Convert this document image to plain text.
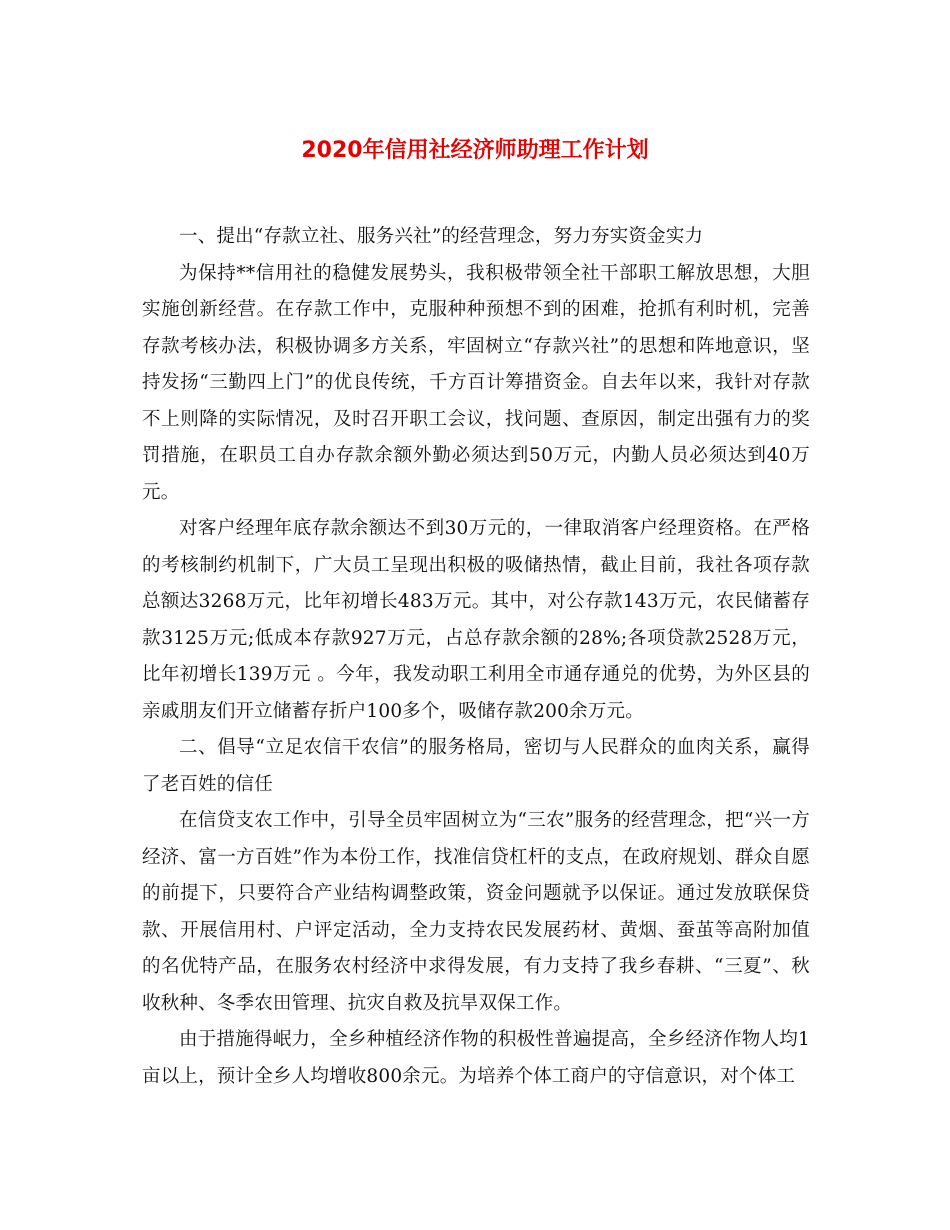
2020年信用社经济师助理工作计划

一、提出“存款立社、服务兴社”的经营理念，努力夯实资金实力

为保持**信用社的稳健发展势头，我积极带领全社干部职工解放思想，大胆实施创新经营。在存款工作中，克服种种预想不到的困难，抢抓有利时机，完善存款考核办法，积极协调多方关系，牢固树立“存款兴社”的思想和阵地意识，坚持发扬“三勤四上门”的优良传统，千方百计筹措资金。自去年以来，我针对存款不上则降的实际情况，及时召开职工会议，找问题、查原因，制定出强有力的奖罚措施，在职员工自办存款余额外勤必须达到50万元，内勤人员必须达到40万元。

对客户经理年底存款余额达不到30万元的，一律取消客户经理资格。在严格的考核制约机制下，广大员工呈现出积极的吸储热情，截止目前，我社各项存款总额达3268万元，比年初增长483万元。其中，对公存款143万元，农民储蓄存款3125万元;低成本存款927万元，占总存款余额的28%;各项贷款2528万元，比年初增长139万元 。今年，我发动职工利用全市通存通兑的优势，为外区县的亲戚朋友们开立储蓄存折户100多个，吸储存款200余万元。

二、倡导“立足农信干农信”的服务格局，密切与人民群众的血肉关系，赢得了老百姓的信任

在信贷支农工作中，引导全员牢固树立为“三农”服务的经营理念，把“兴一方经济、富一方百姓”作为本份工作，找准信贷杠杆的支点，在政府规划、群众自愿的前提下，只要符合产业结构调整政策，资金问题就予以保证。通过发放联保贷款、开展信用村、户评定活动，全力支持农民发展药材、黄烟、蚕茧等高附加值的名优特产品，在服务农村经济中求得发展，有力支持了我乡春耕、“三夏”、秋收秋种、冬季农田管理、抗灾自救及抗旱双保工作。

由于措施得岷力，全乡种植经济作物的积极性普遍提高，全乡经济作物人均1亩以上，预计全乡人均增收800余元。为培养个体工商户的守信意识，对个体工
